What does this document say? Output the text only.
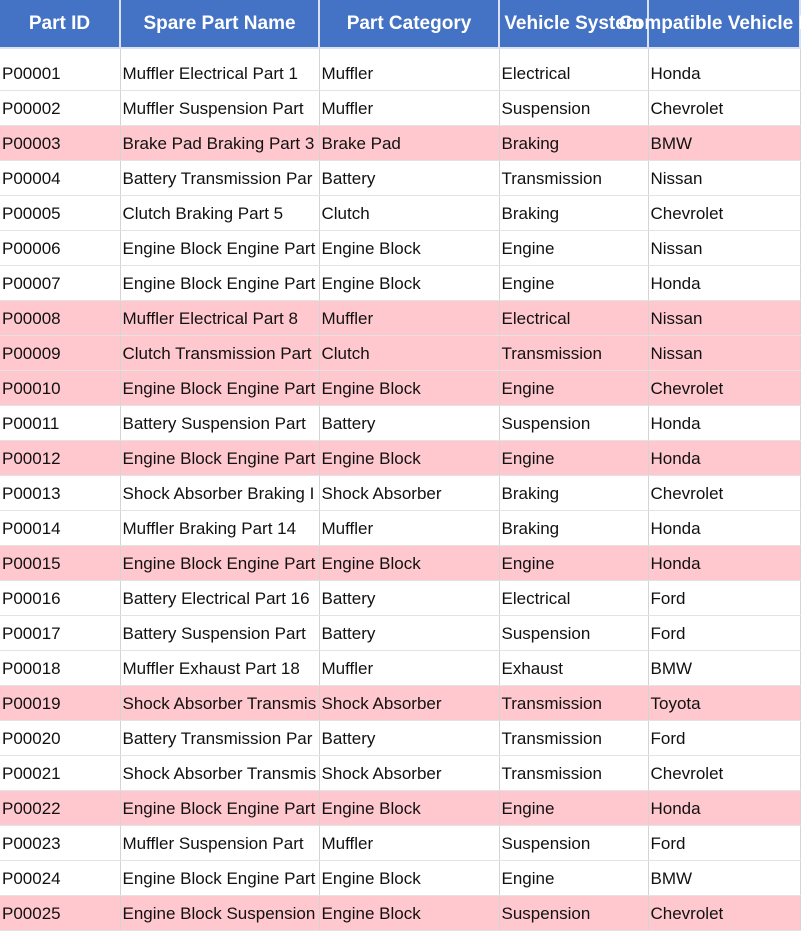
Part ID	Spare Part Name	Part Category	Vehicle System	Compatible Vehicle B
P00001	Muffler Electrical Part 1	Muffler	Electrical	Honda
P00002	Muffler Suspension Part	Muffler	Suspension	Chevrolet
P00003	Brake Pad Braking Part 3	Brake Pad	Braking	BMW
P00004	Battery Transmission Par	Battery	Transmission	Nissan
P00005	Clutch Braking Part 5	Clutch	Braking	Chevrolet
P00006	Engine Block Engine Part	Engine Block	Engine	Nissan
P00007	Engine Block Engine Part	Engine Block	Engine	Honda
P00008	Muffler Electrical Part 8	Muffler	Electrical	Nissan
P00009	Clutch Transmission Part	Clutch	Transmission	Nissan
P00010	Engine Block Engine Part	Engine Block	Engine	Chevrolet
P00011	Battery Suspension Part	Battery	Suspension	Honda
P00012	Engine Block Engine Part	Engine Block	Engine	Honda
P00013	Shock Absorber Braking I	Shock Absorber	Braking	Chevrolet
P00014	Muffler Braking Part 14	Muffler	Braking	Honda
P00015	Engine Block Engine Part	Engine Block	Engine	Honda
P00016	Battery Electrical Part 16	Battery	Electrical	Ford
P00017	Battery Suspension Part	Battery	Suspension	Ford
P00018	Muffler Exhaust Part 18	Muffler	Exhaust	BMW
P00019	Shock Absorber Transmis	Shock Absorber	Transmission	Toyota
P00020	Battery Transmission Par	Battery	Transmission	Ford
P00021	Shock Absorber Transmis	Shock Absorber	Transmission	Chevrolet
P00022	Engine Block Engine Part	Engine Block	Engine	Honda
P00023	Muffler Suspension Part	Muffler	Suspension	Ford
P00024	Engine Block Engine Part	Engine Block	Engine	BMW
P00025	Engine Block Suspension	Engine Block	Suspension	Chevrolet
